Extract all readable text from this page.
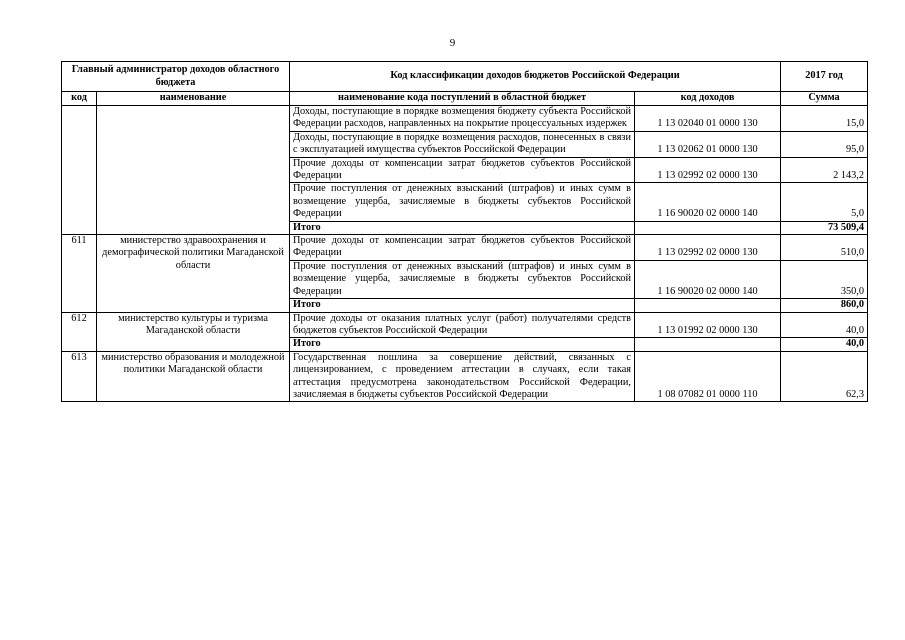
9
Главный администратор доходов областного бюджета		Код классификации доходов бюджетов Российской Федерации		2017 год
код	наименование	наименование кода поступлений в областной бюджет	код доходов	Сумма
		Доходы, поступающие в порядке возмещения бюджету субъекта Российской Федерации расходов, направленных на покрытие процессуальных издержек	1 13 02040 01 0000 130	15,0
		Доходы, поступающие в порядке возмещения расходов, понесенных в связи с эксплуатацией имущества субъектов Российской Федерации	1 13 02062 01 0000 130	95,0
		Прочие доходы от компенсации затрат бюджетов субъектов Российской Федерации	1 13 02992 02 0000 130	2 143,2
		Прочие поступления от денежных взысканий (штрафов) и иных сумм в возмещение ущерба, зачисляемые в бюджеты субъектов Российской Федерации	1 16 90020 02 0000 140	5,0
		Итого		73 509,4
611	министерство здравоохранения и демографической политики Магаданской области	Прочие доходы от компенсации затрат бюджетов субъектов Российской Федерации	1 13 02992 02 0000 130	510,0
		Прочие поступления от денежных взысканий (штрафов) и иных сумм в возмещение ущерба, зачисляемые в бюджеты субъектов Российской Федерации	1 16 90020 02 0000 140	350,0
		Итого		860,0
612	министерство культуры и туризма Магаданской области	Прочие доходы от оказания платных услуг (работ) получателями средств бюджетов субъектов Российской Федерации	1 13 01992 02 0000 130	40,0
		Итого		40,0
613	министерство образования и молодежной политики Магаданской области	Государственная пошлина за совершение действий, связанных с лицензированием, с проведением аттестации в случаях, если такая аттестация предусмотрена законодательством Российской Федерации, зачисляемая в бюджеты субъектов Российской Федерации	1 08 07082 01 0000 110	62,3
